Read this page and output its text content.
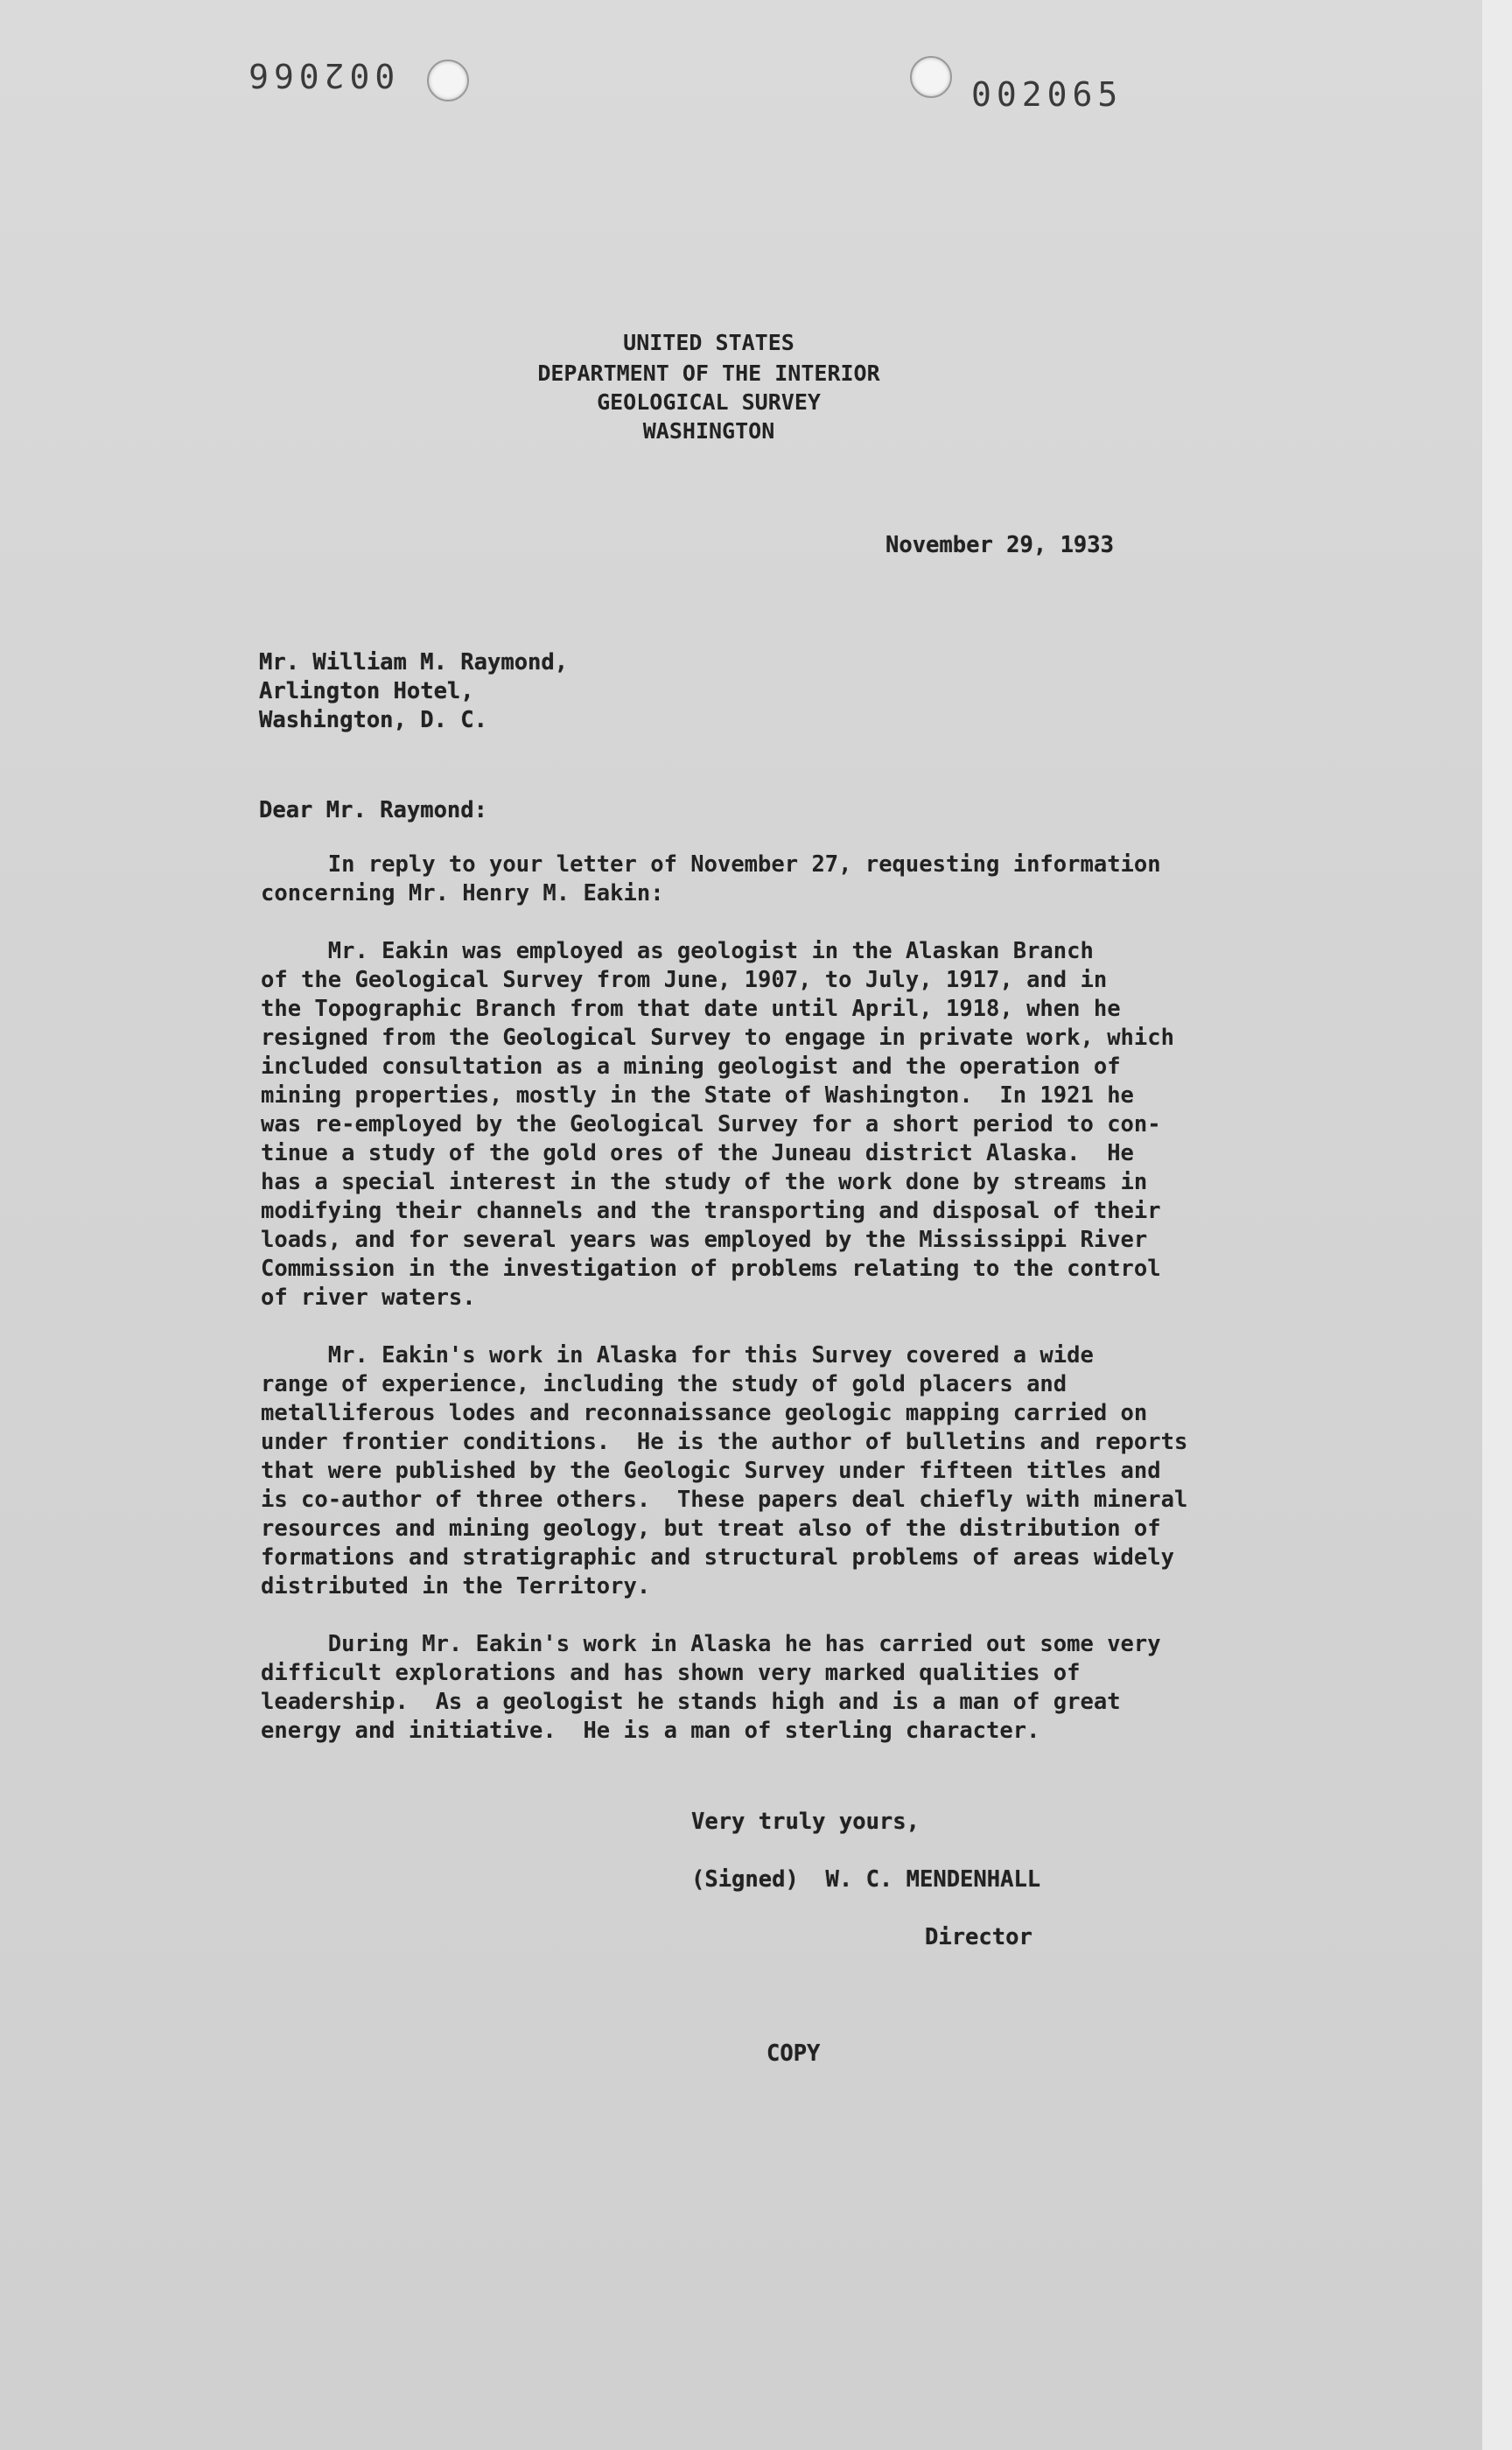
002066	002065
UNITED STATES
DEPARTMENT OF THE INTERIOR
GEOLOGICAL SURVEY
WASHINGTON
November 29, 1933
Mr. William M. Raymond,
Arlington Hotel,
Washington, D. C.
Dear Mr. Raymond:
In reply to your letter of November 27, requesting information
concerning Mr. Henry M. Eakin:
Mr. Eakin was employed as geologist in the Alaskan Branch
of the Geological Survey from June, 1907, to July, 1917, and in
the Topographic Branch from that date until April, 1918, when he
resigned from the Geological Survey to engage in private work, which
included consultation as a mining geologist and the operation of
mining properties, mostly in the State of Washington.  In 1921 he
was re-employed by the Geological Survey for a short period to con-
tinue a study of the gold ores of the Juneau district Alaska.  He
has a special interest in the study of the work done by streams in
modifying their channels and the transporting and disposal of their
loads, and for several years was employed by the Mississippi River
Commission in the investigation of problems relating to the control
of river waters.
Mr. Eakin's work in Alaska for this Survey covered a wide
range of experience, including the study of gold placers and
metalliferous lodes and reconnaissance geologic mapping carried on
under frontier conditions.  He is the author of bulletins and reports
that were published by the Geologic Survey under fifteen titles and
is co-author of three others.  These papers deal chiefly with mineral
resources and mining geology, but treat also of the distribution of
formations and stratigraphic and structural problems of areas widely
distributed in the Territory.
During Mr. Eakin's work in Alaska he has carried out some very
difficult explorations and has shown very marked qualities of
leadership.  As a geologist he stands high and is a man of great
energy and initiative.  He is a man of sterling character.
Very truly yours,
(Signed)  W. C. MENDENHALL
Director
COPY
